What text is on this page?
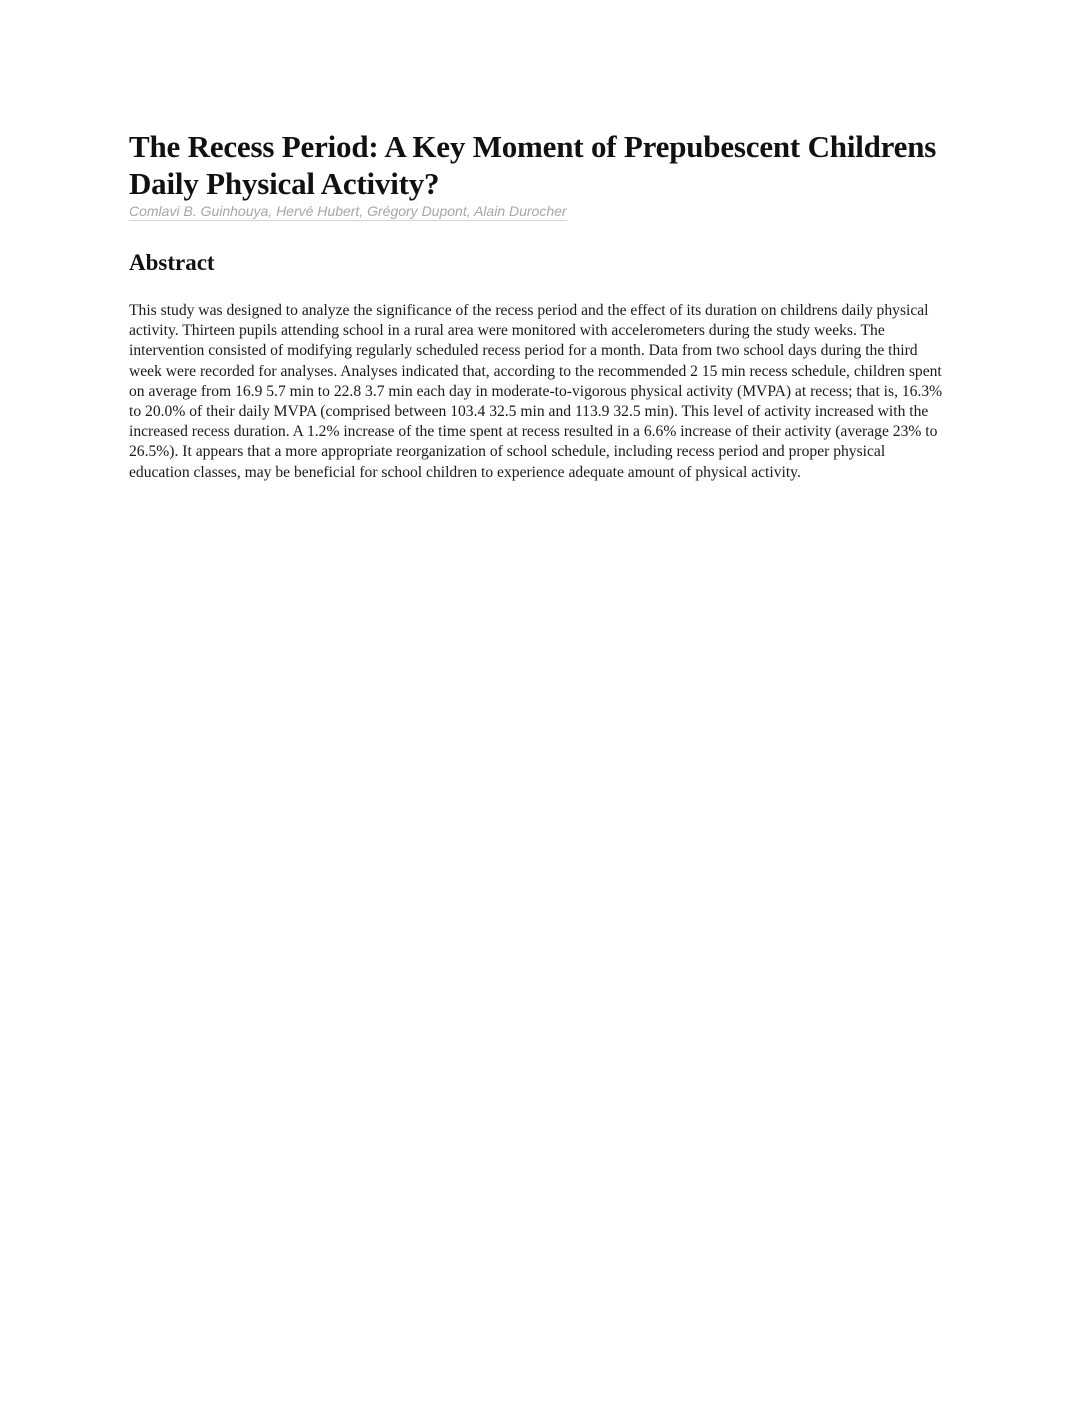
The Recess Period: A Key Moment of Prepubescent Childrens Daily Physical Activity?

Comlavi B. Guinhouya, Hervé Hubert, Grégory Dupont, Alain Durocher

Abstract

This study was designed to analyze the significance of the recess period and the effect of its duration on childrens daily physical activity. Thirteen pupils attending school in a rural area were monitored with accelerometers during the study weeks. The intervention consisted of modifying regularly scheduled recess period for a month. Data from two school days during the third week were recorded for analyses. Analyses indicated that, according to the recommended 2 15 min recess schedule, children spent on average from 16.9 5.7 min to 22.8 3.7 min each day in moderate-to-vigorous physical activity (MVPA) at recess; that is, 16.3% to 20.0% of their daily MVPA (comprised between 103.4 32.5 min and 113.9 32.5 min). This level of activity increased with the increased recess duration. A 1.2% increase of the time spent at recess resulted in a 6.6% increase of their activity (average 23% to 26.5%). It appears that a more appropriate reorganization of school schedule, including recess period and proper physical education classes, may be beneficial for school children to experience adequate amount of physical activity.
